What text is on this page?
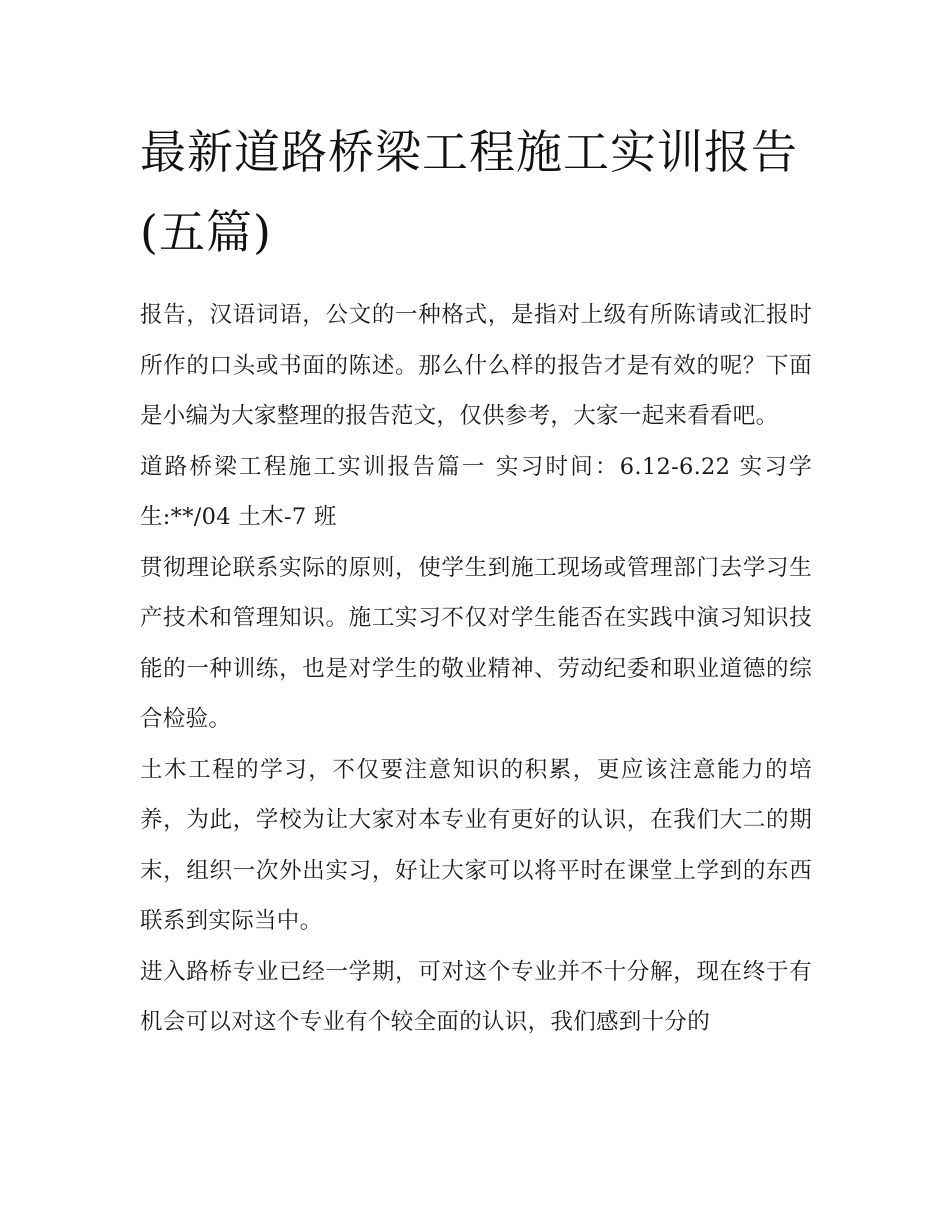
最新道路桥梁工程施工实训报告(五篇)

报告，汉语词语，公文的一种格式，是指对上级有所陈请或汇报时所作的口头或书面的陈述。那么什么样的报告才是有效的呢？下面是小编为大家整理的报告范文，仅供参考，大家一起来看看吧。

道路桥梁工程施工实训报告篇一 实习时间：6.12-6.22 实习学生:**/04 土木-7 班

贯彻理论联系实际的原则，使学生到施工现场或管理部门去学习生产技术和管理知识。施工实习不仅对学生能否在实践中演习知识技能的一种训练，也是对学生的敬业精神、劳动纪委和职业道德的综合检验。

土木工程的学习，不仅要注意知识的积累，更应该注意能力的培养，为此，学校为让大家对本专业有更好的认识，在我们大二的期末，组织一次外出实习，好让大家可以将平时在课堂上学到的东西联系到实际当中。

进入路桥专业已经一学期，可对这个专业并不十分解，现在终于有机会可以对这个专业有个较全面的认识，我们感到十分的
